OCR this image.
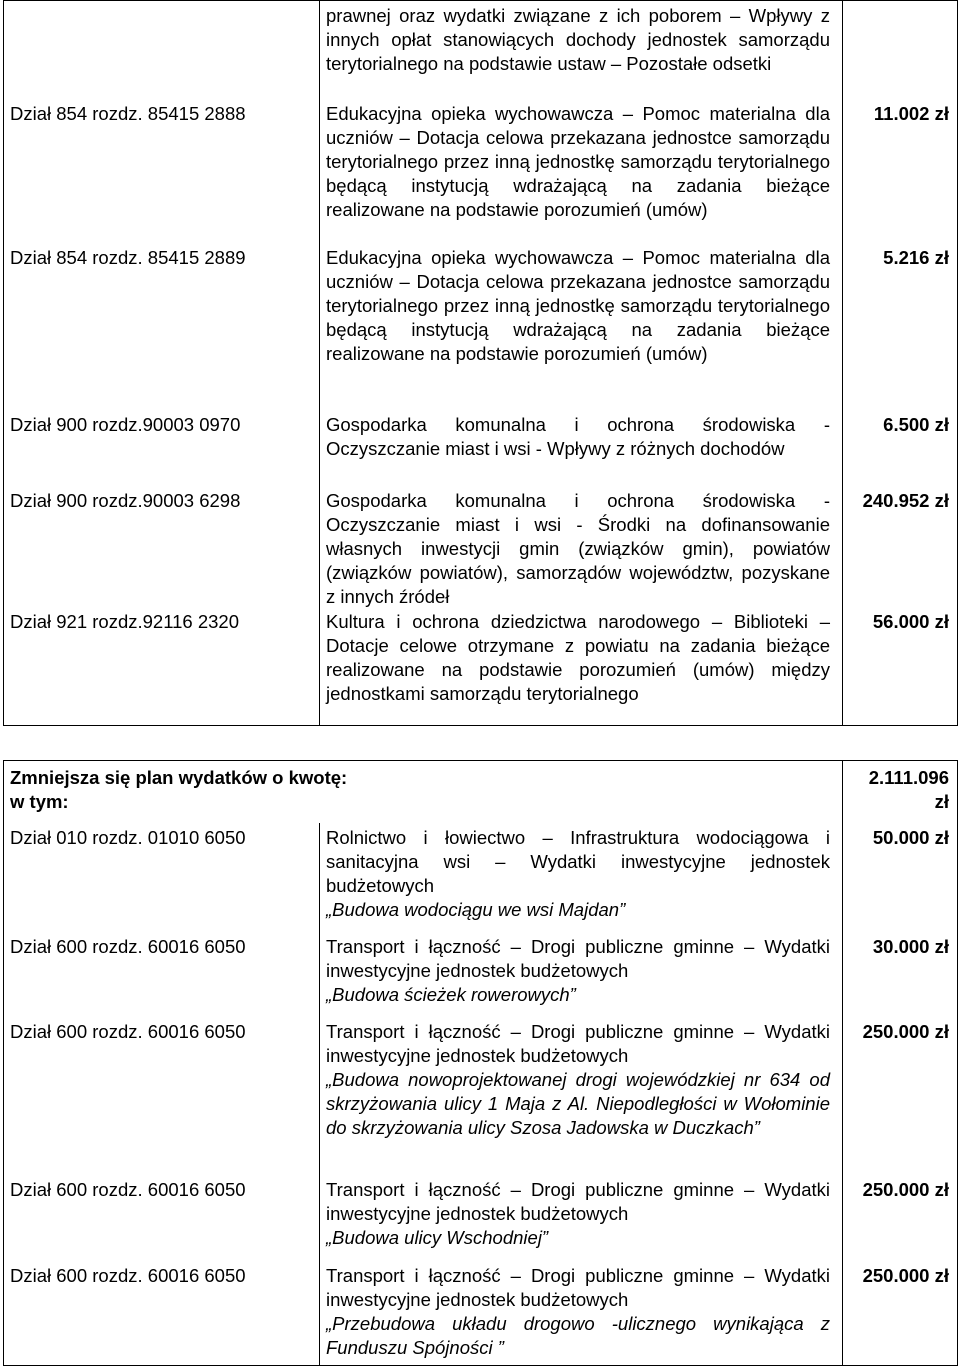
prawnej oraz wydatki związane z ich poborem – Wpływy z innych opłat stanowiących dochody jednostek samorządu terytorialnego na podstawie ustaw – Pozostałe odsetki
Dział 854 rozdz. 85415 2888	Edukacyjna opieka wychowawcza – Pomoc materialna dla uczniów – Dotacja celowa przekazana jednostce samorządu terytorialnego przez inną jednostkę samorządu terytorialnego będącą instytucją wdrażającą na zadania bieżące realizowane na podstawie porozumień (umów)
11.002 zł
Dział 854 rozdz. 85415 2889	Edukacyjna opieka wychowawcza – Pomoc materialna dla uczniów – Dotacja celowa przekazana jednostce samorządu terytorialnego przez inną jednostkę samorządu terytorialnego będącą instytucją wdrażającą na zadania bieżące realizowane na podstawie porozumień (umów)
5.216 zł
Dział 900 rozdz.90003 0970	Gospodarka komunalna i ochrona środowiska - Oczyszczanie miast i wsi - Wpływy z różnych dochodów
6.500 zł
Dział 900 rozdz.90003 6298	Gospodarka komunalna i ochrona środowiska - Oczyszczanie miast i wsi - Środki na dofinansowanie własnych inwestycji gmin (związków gmin), powiatów (związków powiatów), samorządów województw, pozyskane z innych źródeł
240.952 zł
Dział 921 rozdz.92116 2320	Kultura i ochrona dziedzictwa narodowego – Biblioteki – Dotacje celowe otrzymane z powiatu na zadania bieżące realizowane na podstawie porozumień (umów) między jednostkami samorządu terytorialnego
56.000 zł
Zmniejsza się plan wydatków o kwotę:
w tym:
2.111.096
zł
Dział 010 rozdz. 01010 6050	Rolnictwo i łowiectwo – Infrastruktura wodociągowa i sanitacyjna wsi – Wydatki inwestycyjne jednostek budżetowych
„Budowa wodociągu we wsi Majdan”
50.000 zł
Dział 600 rozdz. 60016 6050	Transport i łączność – Drogi publiczne gminne – Wydatki inwestycyjne jednostek budżetowych
„Budowa ścieżek rowerowych”
30.000 zł
Dział 600 rozdz. 60016 6050	Transport i łączność – Drogi publiczne gminne – Wydatki inwestycyjne jednostek budżetowych
„Budowa nowoprojektowanej drogi wojewódzkiej nr 634 od skrzyżowania ulicy 1 Maja z Al. Niepodległości w Wołominie do skrzyżowania ulicy Szosa Jadowska w Duczkach”
250.000 zł
Dział 600 rozdz. 60016 6050	Transport i łączność – Drogi publiczne gminne – Wydatki inwestycyjne jednostek budżetowych
„Budowa ulicy Wschodniej”
250.000 zł
Dział 600 rozdz. 60016 6050	Transport i łączność – Drogi publiczne gminne – Wydatki inwestycyjne jednostek budżetowych
„Przebudowa układu drogowo -ulicznego wynikająca z Funduszu Spójności ”
250.000 zł
